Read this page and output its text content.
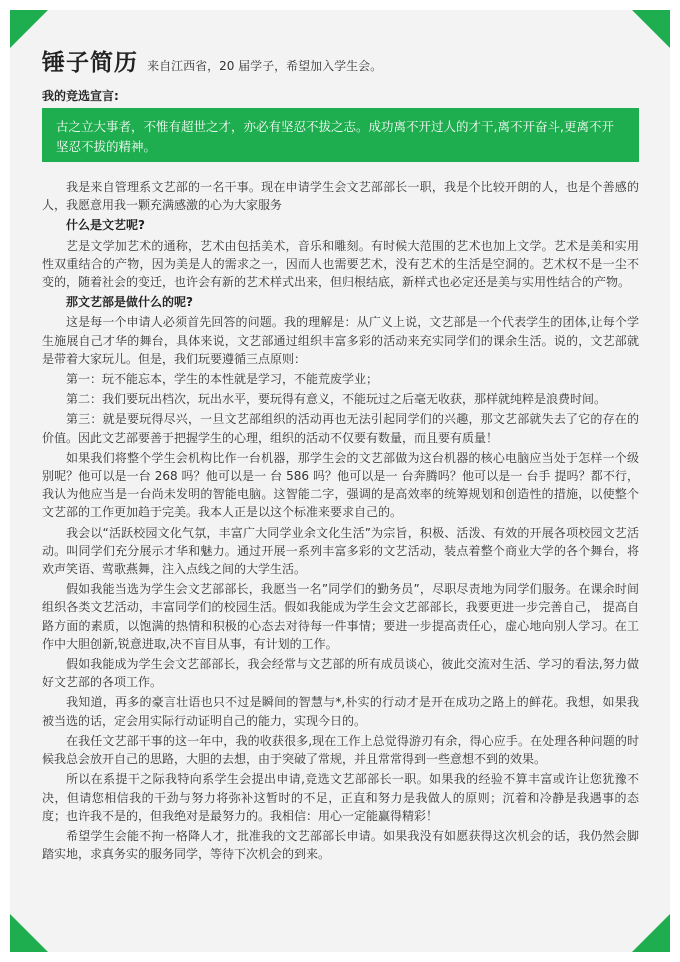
锤子简历 来自江西省，20 届学子，希望加入学生会。
我的竞选宣言:
古之立大事者，不惟有超世之才，亦必有坚忍不拔之志。成功离不开过人的才干,离不开奋斗,更离不开坚忍不拔的精神。

我是来自管理系文艺部的一名干事。现在申请学生会文艺部部长一职，我是个比较开朗的人，也是个善感的人，我愿意用我一颗充满感激的心为大家服务

什么是文艺呢?

艺是文学加艺术的通称，艺术由包括美术，音乐和雕刻。有时候大范围的艺术也加上文学。艺术是美和实用性双重结合的产物，因为美是人的需求之一，因而人也需要艺术，没有艺术的生活是空洞的。艺术权不是一尘不变的，随着社会的变迁，也许会有新的艺术样式出来，但归根结底，新样式也必定还是美与实用性结合的产物。

那文艺部是做什么的呢?

这是每一个申请人必须首先回答的问题。我的理解是：从广义上说，文艺部是一个代表学生的团体,让每个学生施展自己才华的舞台，具体来说，文艺部通过组织丰富多彩的活动来充实同学们的课余生活。说的，文艺部就是带着大家玩儿。但是，我们玩要遵循三点原则：

第一：玩不能忘本，学生的本性就是学习，不能荒废学业；

第二：我们要玩出档次，玩出水平，要玩得有意义，不能玩过之后毫无收获，那样就纯粹是浪费时间。

第三：就是要玩得尽兴，一旦文艺部组织的活动再也无法引起同学们的兴趣，那文艺部就失去了它的存在的价值。因此文艺部要善于把握学生的心理，组织的活动不仅要有数量，而且要有质量！

如果我们将整个学生会机构比作一台机器，那学生会的文艺部做为这台机器的核心电脑应当处于怎样一个级别呢？他可以是一台 268 吗？他可以是一 台 586 吗？他可以是一 台奔腾吗？他可以是一 台手 提吗？都不行，我认为他应当是一台尚未发明的智能电脑。这智能二字，强调的是高效率的统筹规划和创造性的措施，以使整个文艺部的工作更加趋于完美。我本人正是以这个标准来要求自己的。

我会以“活跃校园文化气氛，丰富广大同学业余文化生活”为宗旨，积极、活泼、有效的开展各项校园文艺活动。叫同学们充分展示才华和魅力。通过开展一系列丰富多彩的文艺活动，装点着整个商业大学的各个舞台，将欢声笑语、莺歌燕舞，注入点线之间的大学生活。

假如我能当选为学生会文艺部部长，我愿当一名”同学们的勤务员”，尽职尽责地为同学们服务。在课余时间组织各类文艺活动，丰富同学们的校园生活。假如我能成为学生会文艺部部长，我要更进一步完善自己， 提高自路方面的素质，以饱满的热情和积极的心态去对待每一件事情；要进一步提高责任心，虚心地向别人学习。在工作中大胆创新,锐意进取,决不盲目从事，有计划的工作。

假如我能成为学生会文艺部部长，我会经常与文艺部的所有成员谈心，彼此交流对生活、学习的看法,努力做好文艺部的各项工作。

我知道，再多的豪言壮语也只不过是瞬间的智慧与*,朴实的行动才是开在成功之路上的鲜花。我想，如果我被当选的话，定会用实际行动证明自己的能力，实现今日的。

在我任文艺部干事的这一年中，我的收获很多,现在工作上总觉得游刃有余，得心应手。在处理各种问题的时候我总会放开自己的思路，大胆的去想，由于突破了常规，并且常常得到一些意想不到的效果。

所以在系提干之际我特向系学生会提出申请,竞选文艺部部长一职。如果我的经验不算丰富或许让您犹豫不决，但请您相信我的干劲与努力将弥补这暂时的不足，正直和努力是我做人的原则；沉着和冷静是我遇事的态度；也许我不是的，但我绝对是最努力的。我相信：用心一定能赢得精彩！

希望学生会能不拘一格降人才，批准我的文艺部部长申请。如果我没有如愿获得这次机会的话，我仍然会脚踏实地，求真务实的服务同学，等待下次机会的到来。
